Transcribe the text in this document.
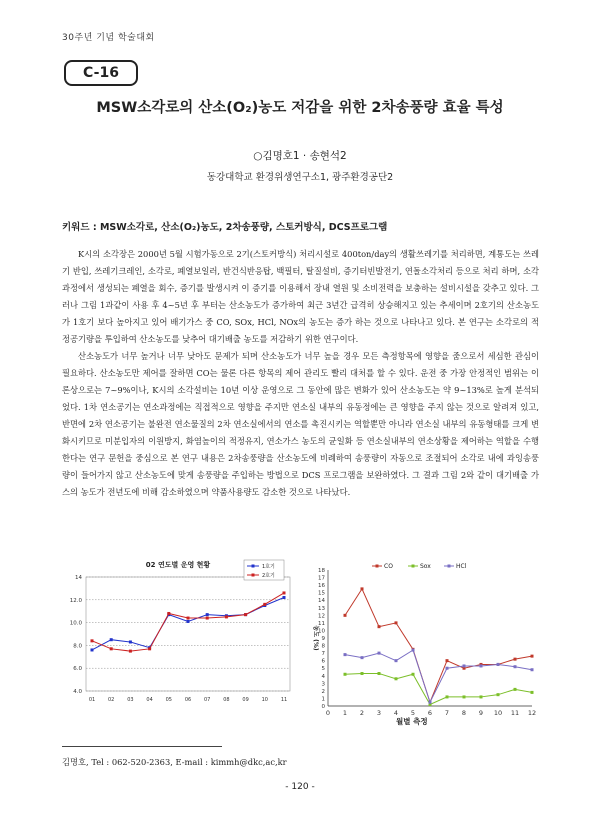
30주년 기념 학술대회
C-16
MSW소각로의 산소(O₂)농도 저감을 위한 2차송풍량 효율 특성
○김명호1 · 송현석2
동강대학교 환경위생연구소1, 광주환경공단2
키워드 : MSW소각로, 산소(O₂)농도, 2차송풍량, 스토커방식, DCS프로그램

K시의 소각장은 2000년 5월 시험가동으로 2기(스토커방식) 처리시설로 400ton/day의 생활쓰레기를 처리하면, 계통도는 쓰레기 반입, 쓰레기크레인, 소각로, 폐열보일러, 반건식반응탑, 백필터, 탈질설비, 증기터빈발전기, 연돌소각처리 등으로 처리 하며, 소각과정에서 생성되는 폐열을 회수, 증기를 발생시켜 이 증기를 이용해서 장내 열원 및 소비전력을 보충하는 설비시설을 갖추고 있다. 그러나 그림 1과같이 사용 후 4~5년 후 부터는 산소농도가 증가하여 최근 3년간 급격히 상승해지고 있는 추세이며 2호기의 산소농도가 1호기 보다 높아지고 있어 배기가스 중 CO, SOx, HCl, NOx의 농도는 증가 하는 것으로 나타나고 있다. 본 연구는 소각로의 적정공기량을 투입하여 산소농도를 낮추어 대기배출 농도를 저감하기 위한 연구이다.

산소농도가 너무 높거나 너무 낮아도 문제가 되며 산소농도가 너무 높을 경우 모든 측정항목에 영향을 줌으로서 세심한 관심이 필요하다. 산소농도만 제어를 잘하면 CO는 물론 다른 항목의 제어 관리도 빨리 대처를 할 수 있다. 운전 중 가장 안정적인 범위는 이론상으로는 7~9%이나, K시의 소각설비는 10년 이상 운영으로 그 동안에 많은 변화가 있어 산소농도는 약 9~13%로 높게 분석되었다. 1차 연소공기는 연소과정에는 직접적으로 영향을 주지만 연소실 내부의 유동정에는 큰 영향을 주지 않는 것으로 알려져 있고, 반면에 2차 연소공기는 불완전 연소물질의 2차 연소실에서의 연소를 촉진시키는 역할뿐만 아니라 연소실 내부의 유동형태를 크게 변화시키므로 미분입자의 이원방지, 화염높이의 적정유지, 연소가스 농도의 균일화 등 연소실내부의 연소상황을 제어하는 역할을 수행한다는 연구 문헌을 중심으로 본 연구 내용은 2차송풍량을 산소농도에 비례하여 송풍량이 자동으로 조절되어 소각로 내에 과잉송풍량이 들어가지 않고 산소농도에 맞게 송풍량을 주입하는 방법으로 DCS 프로그램을 보완하였다. 그 결과 그림 2와 같이 대기배출 가스의 농도가 전년도에 비해 감소하였으며 약품사용량도 감소한 것으로 나타났다.

02 연도별 운영 현황
4.0
6.0
8.0
10.0
12.0
14
01	02	03	04	05	06	07	08	09	10	11
1호기
2호기
0
1
2
3
4
5
6
7
8
9
10
11
12
13
14
15
16
17
18
0 1 2 3 4 5 6 7 8 9 10 11 12
농도 (%)
CO	Sox	HCl
월별 측정
김명호, Tel : 062-520-2363, E-mail : kimmh@dkc,ac,kr
- 120 -
